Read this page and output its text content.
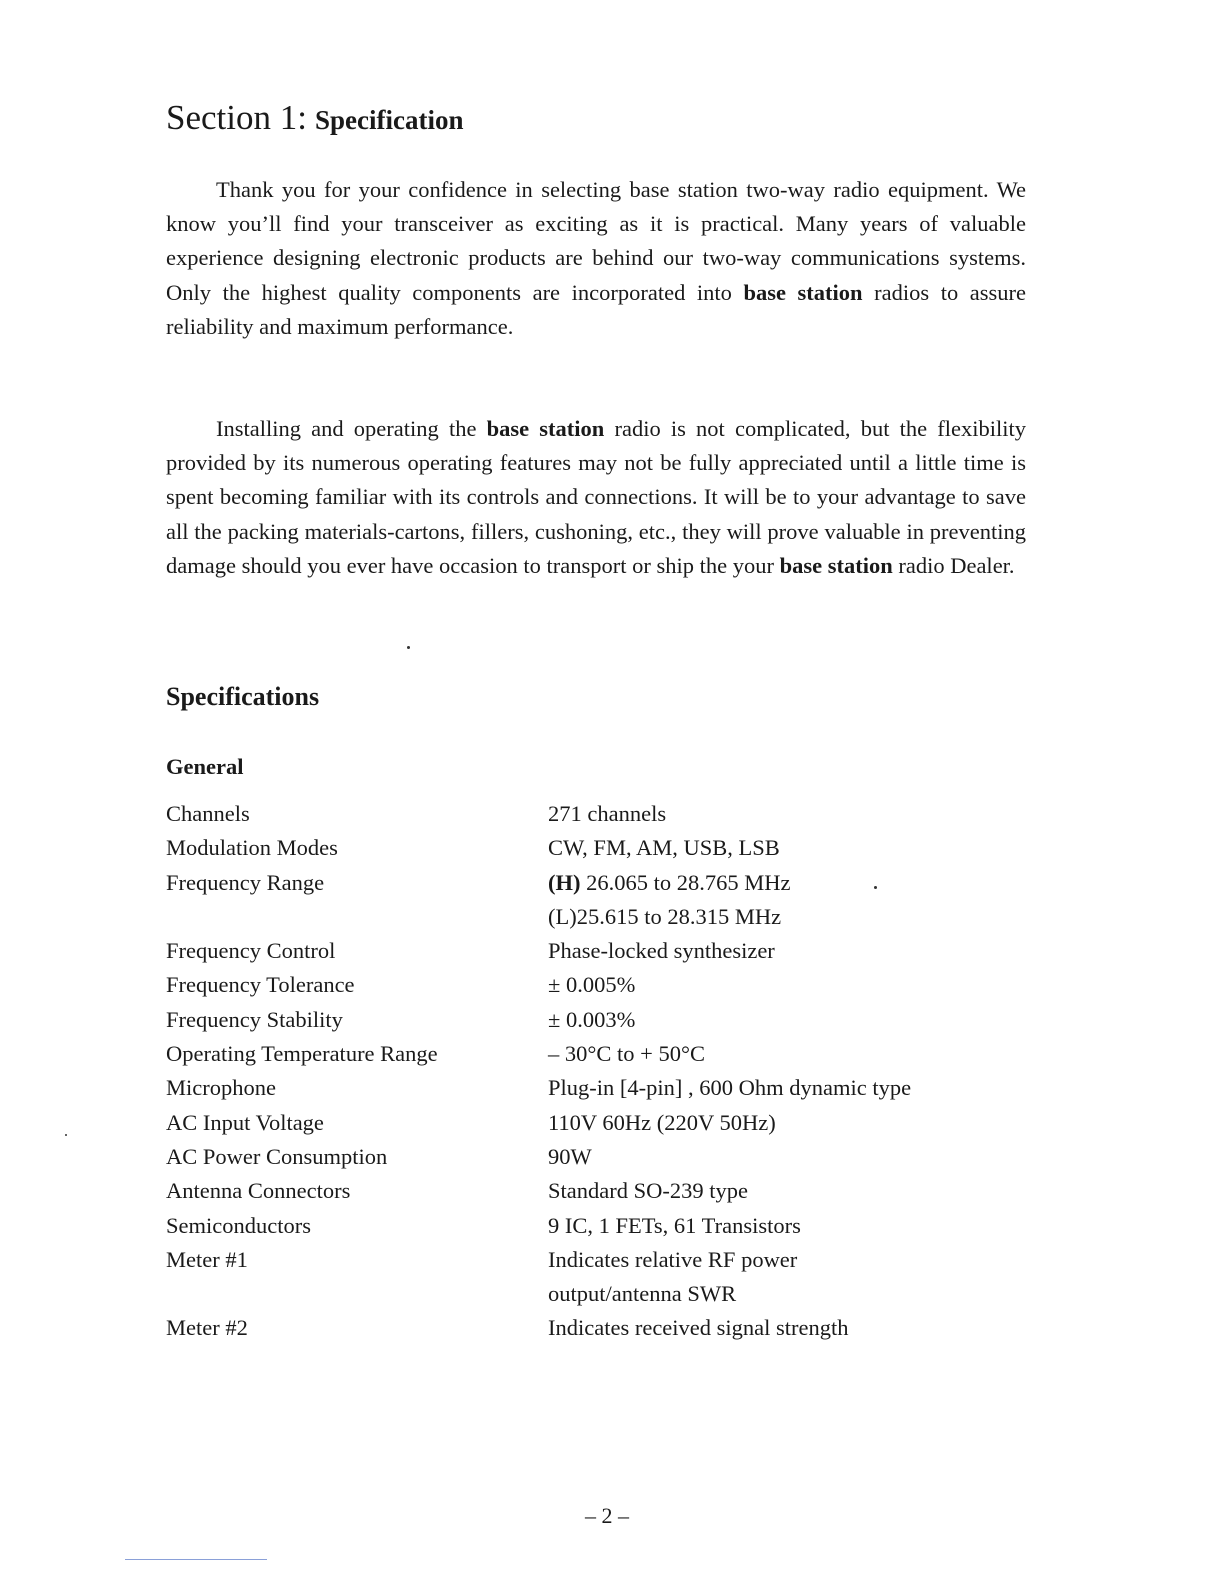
Section 1: Specification

Thank you for your confidence in selecting base station two-way radio equipment. We know you’ll find your transceiver as exciting as it is practical. Many years of valuable experience designing electronic products are behind our two-way communications systems. Only the highest quality components are incorporated into base station radios to assure reliability and maximum performance.

Installing and operating the base station radio is not complicated, but the flexibility provided by its numerous operating features may not be fully appreciated until a little time is spent becoming familiar with its controls and connections. It will be to your advantage to save all the packing materials-cartons, fillers, cushoning, etc., they will prove valuable in preventing damage should you ever have occasion to transport or ship the your base station radio Dealer.

Specifications
General
Channels	271 channels
Modulation Modes	CW, FM, AM, USB, LSB
Frequency Range	(H) 26.065 to 28.765 MHz
(L)25.615 to 28.315 MHz
Frequency Control	Phase-locked synthesizer
Frequency Tolerance	± 0.005%
Frequency Stability	± 0.003%
Operating Temperature Range	– 30°C to + 50°C
Microphone	Plug-in [4-pin] , 600 Ohm dynamic type
AC Input Voltage	110V 60Hz (220V 50Hz)
AC Power Consumption	90W
Antenna Connectors	Standard SO-239 type
Semiconductors	9 IC, 1 FETs, 61 Transistors
Meter #1	Indicates relative RF power
output/antenna SWR
Meter #2	Indicates received signal strength
– 2 –
